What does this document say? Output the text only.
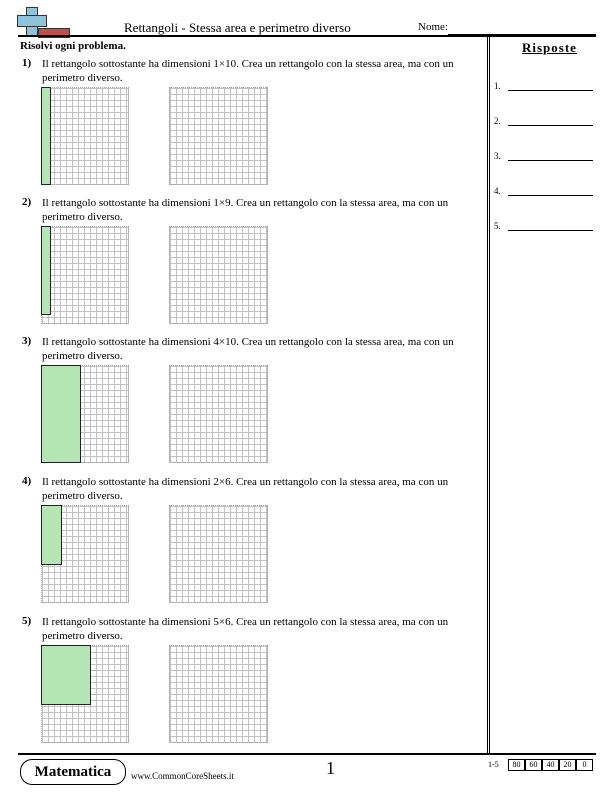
Rettangoli - Stessa area e perimetro diverso	Nome:
Risolvi ogni problema.	Risposte
1) Il rettangolo sottostante ha dimensioni 1×10. Crea un rettangolo con la stessa area, ma con un perimetro diverso.
2) Il rettangolo sottostante ha dimensioni 1×9. Crea un rettangolo con la stessa area, ma con un perimetro diverso.
3) Il rettangolo sottostante ha dimensioni 4×10. Crea un rettangolo con la stessa area, ma con un perimetro diverso.
4) Il rettangolo sottostante ha dimensioni 2×6. Crea un rettangolo con la stessa area, ma con un perimetro diverso.
5) Il rettangolo sottostante ha dimensioni 5×6. Crea un rettangolo con la stessa area, ma con un perimetro diverso.
1.
2.
3.
4.
5.
Matematica	www.CommonCoreSheets.it	1	1-5	80	60	40	20	0
